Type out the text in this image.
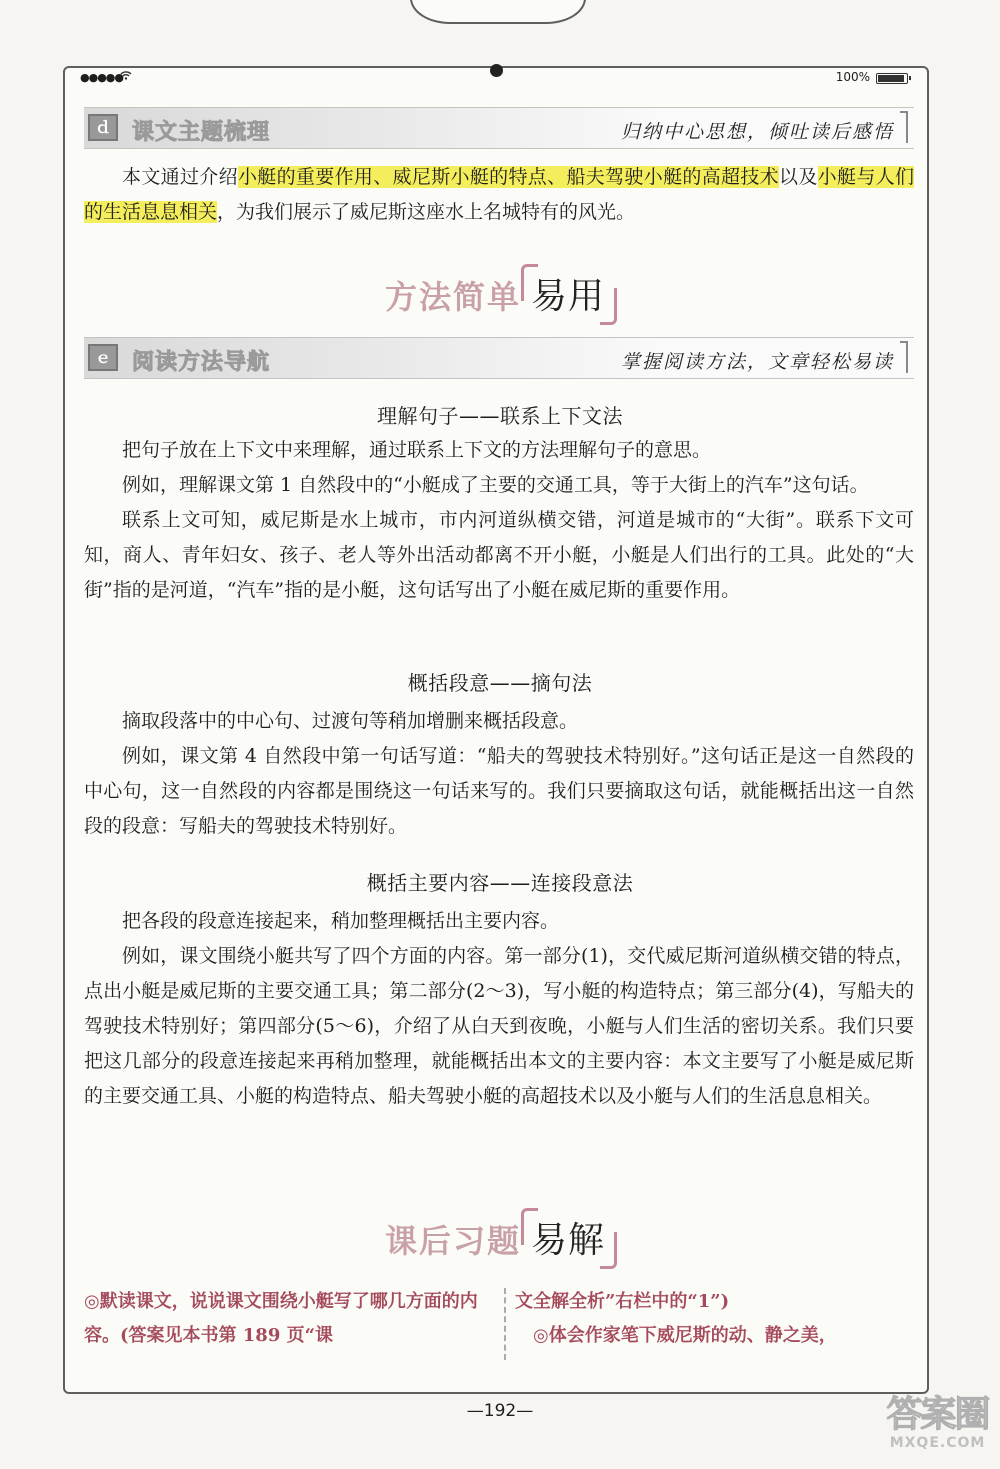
●●●●●	100%
ｄ 课文主题梳理	归纳中心思想，倾吐读后感悟

本文通过介绍小艇的重要作用、威尼斯小艇的特点、船夫驾驶小艇的高超技术以及小艇与人们的生活息息相关，为我们展示了威尼斯这座水上名城特有的风光。

方法简单 易用
ｅ 阅读方法导航	掌握阅读方法，文章轻松易读
理解句子——联系上下文法

把句子放在上下文中来理解，通过联系上下文的方法理解句子的意思。

例如，理解课文第 1 自然段中的“小艇成了主要的交通工具，等于大街上的汽车”这句话。

联系上文可知，威尼斯是水上城市，市内河道纵横交错，河道是城市的“大街”。联系下文可知，商人、青年妇女、孩子、老人等外出活动都离不开小艇，小艇是人们出行的工具。此处的“大街”指的是河道，“汽车”指的是小艇，这句话写出了小艇在威尼斯的重要作用。

概括段意——摘句法

摘取段落中的中心句、过渡句等稍加增删来概括段意。

例如，课文第 4 自然段中第一句话写道：“船夫的驾驶技术特别好。”这句话正是这一自然段的中心句，这一自然段的内容都是围绕这一句话来写的。我们只要摘取这句话，就能概括出这一自然段的段意：写船夫的驾驶技术特别好。

概括主要内容——连接段意法

把各段的段意连接起来，稍加整理概括出主要内容。

例如，课文围绕小艇共写了四个方面的内容。第一部分(1)，交代威尼斯河道纵横交错的特点，点出小艇是威尼斯的主要交通工具；第二部分(2～3)，写小艇的构造特点；第三部分(4)，写船夫的驾驶技术特别好；第四部分(5～6)，介绍了从白天到夜晚，小艇与人们生活的密切关系。我们只要把这几部分的段意连接起来再稍加整理，就能概括出本文的主要内容：本文主要写了小艇是威尼斯的主要交通工具、小艇的构造特点、船夫驾驶小艇的高超技术以及小艇与人们的生活息息相关。

课后习题 易解
◎默读课文，说说课文围绕小艇写了哪几方面的内容。(答案见本书第 189 页“课
文全解全析”右栏中的“1”)
◎体会作家笔下威尼斯的动、静之美，
—192—	答案圈
MXQE.COM
